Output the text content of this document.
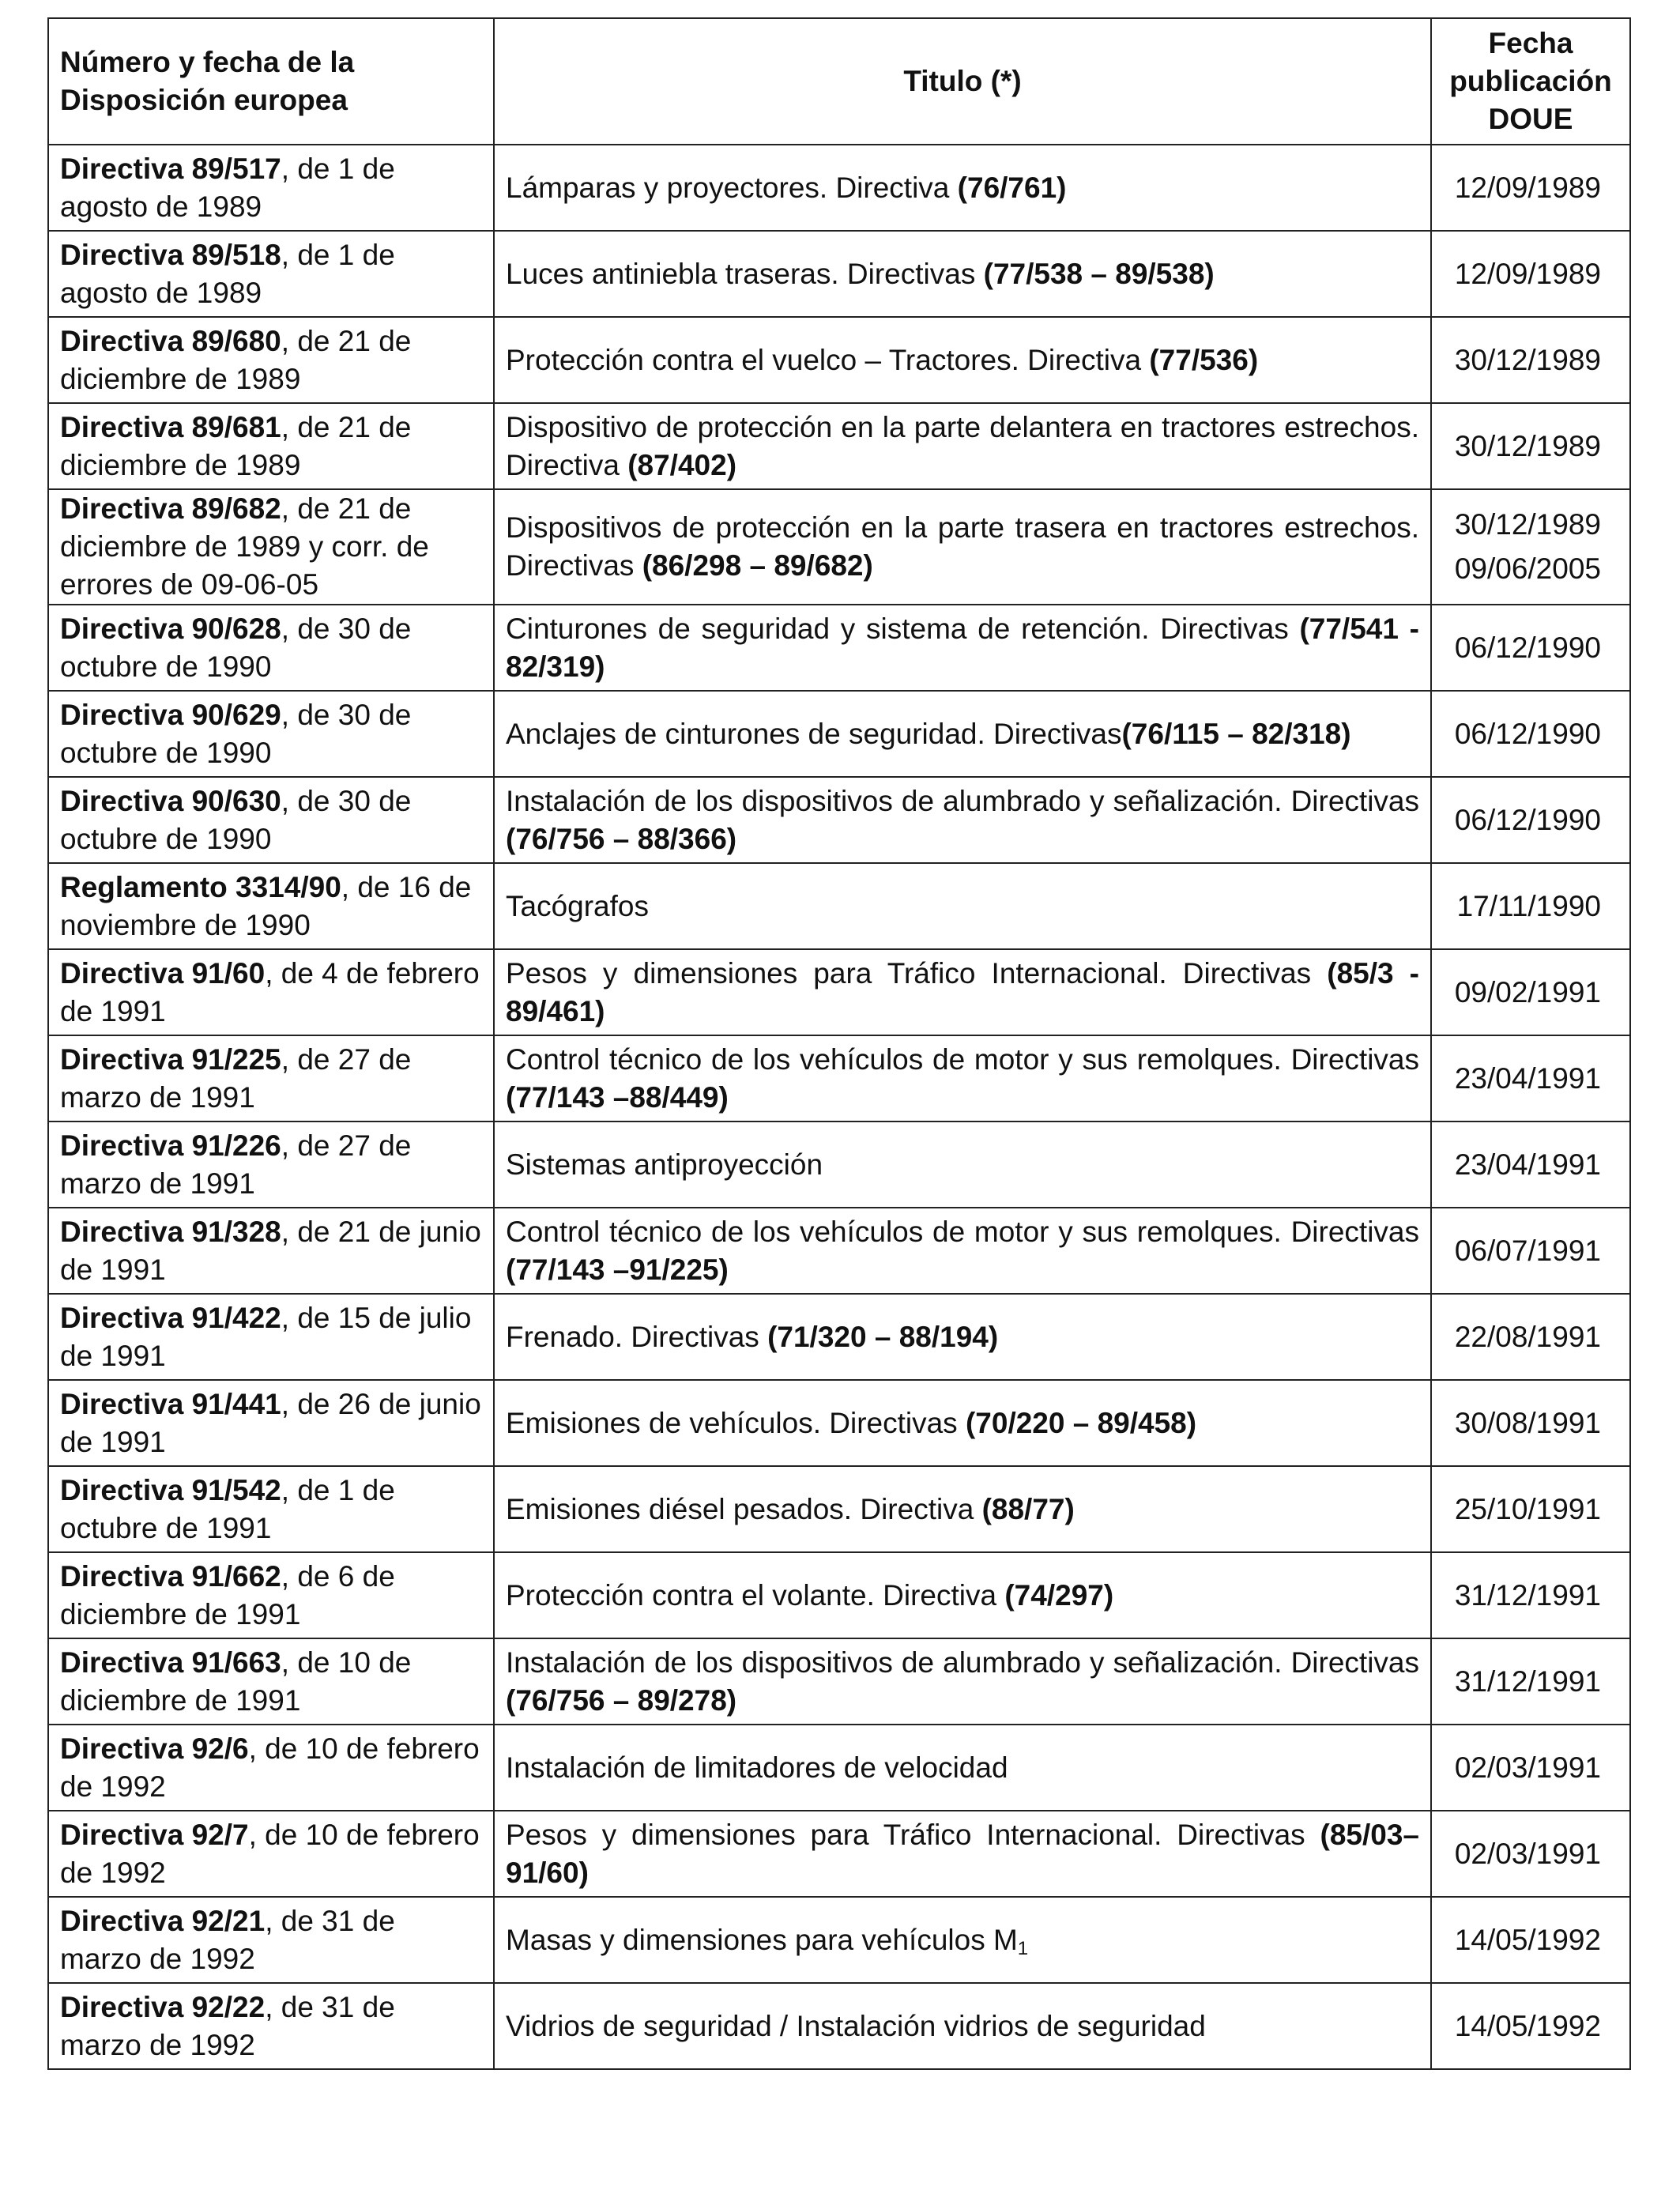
Número y fecha de la Disposición europea	Titulo (*)	Fecha publicación DOUE
Directiva 89/517, de 1 de agosto de 1989	Lámparas y proyectores. Directiva (76/761)	12/09/1989

Directiva 89/518, de 1 de agosto de 1989	Luces antiniebla traseras. Directivas (77/538 – 89/538)	12/09/1989

Directiva 89/680, de 21 de diciembre de 1989	Protección contra el vuelco – Tractores. Directiva (77/536)	30/12/1989

Directiva 89/681, de 21 de diciembre de 1989	Dispositivo de protección en la parte delantera en tractores estrechos. Directiva (87/402)	30/12/1989

Directiva 89/682, de 21 de diciembre de 1989 y corr. de errores de 09-06-05	Dispositivos de protección en la parte trasera en tractores estrechos. Directivas (86/298 – 89/682)	30/12/1989
09/06/2005

Directiva 90/628, de 30 de octubre de 1990	Cinturones de seguridad y sistema de retención. Directivas (77/541 - 82/319)	06/12/1990

Directiva 90/629, de 30 de octubre de 1990	Anclajes de cinturones de seguridad. Directivas(76/115 – 82/318)	06/12/1990

Directiva 90/630, de 30 de octubre de 1990	Instalación de los dispositivos de alumbrado y señalización. Directivas (76/756 – 88/366)	06/12/1990

Reglamento 3314/90, de 16 de noviembre de 1990	Tacógrafos	17/11/1990

Directiva 91/60, de 4 de febrero de 1991	Pesos y dimensiones para Tráfico Internacional. Directivas (85/3 - 89/461)	09/02/1991

Directiva 91/225, de 27 de marzo de 1991	Control técnico de los vehículos de motor y sus remolques. Directivas (77/143 –88/449)	23/04/1991

Directiva 91/226, de 27 de marzo de 1991	Sistemas antiproyección	23/04/1991

Directiva 91/328, de 21 de junio de 1991	Control técnico de los vehículos de motor y sus remolques. Directivas (77/143 –91/225)	06/07/1991

Directiva 91/422, de 15 de julio de 1991	Frenado. Directivas (71/320 – 88/194)	22/08/1991

Directiva 91/441, de 26 de junio de 1991	Emisiones de vehículos. Directivas (70/220 – 89/458)	30/08/1991

Directiva 91/542, de 1 de octubre de 1991	Emisiones diésel pesados. Directiva (88/77)	25/10/1991

Directiva 91/662, de 6 de diciembre de 1991	Protección contra el volante. Directiva (74/297)	31/12/1991

Directiva 91/663, de 10 de diciembre de 1991	Instalación de los dispositivos de alumbrado y señalización. Directivas (76/756 – 89/278)	31/12/1991

Directiva 92/6, de 10 de febrero de 1992	Instalación de limitadores de velocidad	02/03/1991

Directiva 92/7, de 10 de febrero de 1992	Pesos y dimensiones para Tráfico Internacional. Directivas (85/03–91/60)	02/03/1991

Directiva 92/21, de 31 de marzo de 1992	Masas y dimensiones para vehículos $M_1$	14/05/1992

Directiva 92/22, de 31 de marzo de 1992	Vidrios de seguridad / Instalación vidrios de seguridad	14/05/1992
